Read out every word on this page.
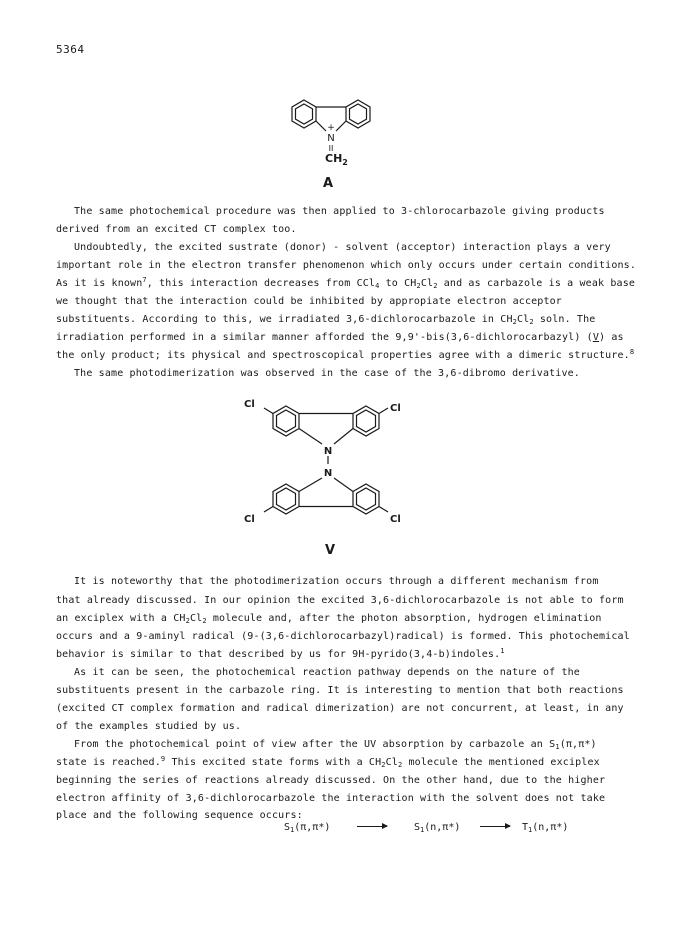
5364
+
N
II
$CH_2$
A
The same photochemical procedure was then applied to 3-chlorocarbazole giving products
derived from an excited CT complex too.
Undoubtedly, the excited sustrate (donor) - solvent (acceptor) interaction plays a very
important role in the electron transfer phenomenon which only occurs under certain conditions.
As it is known$^7$, this interaction decreases from CCl$_4$ to $CH_2Cl_2$ and as carbazole is a weak base
we thought that the interaction could be inhibited by appropiate electron acceptor
substituents. According to this, we irradiated 3,6-dichlorocarbazole in $CH_2Cl_2$ soln. The
irradiation performed in a similar manner afforded the 9,9'-bis(3,6-dichlorocarbazyl) (V) as
the only product; its physical and spectroscopical properties agree with a dimeric structure.$^8$
The same photodimerization was observed in the case of the 3,6-dibromo derivative.
Cl	Cl
N
N
Cl	Cl
V
It is noteworthy that the photodimerization occurs through a different mechanism from
that already discussed. In our opinion the excited 3,6-dichlorocarbazole is not able to form
an exciplex with a $CH_2Cl_2$ molecule and, after the photon absorption, hydrogen elimination
occurs and a 9-aminyl radical (9-(3,6-dichlorocarbazyl)radical) is formed. This photochemical
behavior is similar to that described by us for 9H-pyrido(3,4-b)indoles.$^1$
As it can be seen, the photochemical reaction pathway depends on the nature of the
substituents present in the carbazole ring. It is interesting to mention that both reactions
(excited CT complex formation and radical dimerization) are not concurrent, at least, in any
of the examples studied by us.
From the photochemical point of view after the UV absorption by carbazole an $S_1(\pi,\pi*)$
state is reached.$^9$ This excited state forms with a $CH_2Cl_2$ molecule the mentioned exciplex
beginning the series of reactions already discussed. On the other hand, due to the higher
electron affinity of 3,6-dichlorocarbazole the interaction with the solvent does not take
place and the following sequence occurs:
$S_1(\pi,\pi*)$	$S_1(n,\pi*)$	$T_1(n,\pi*)$
